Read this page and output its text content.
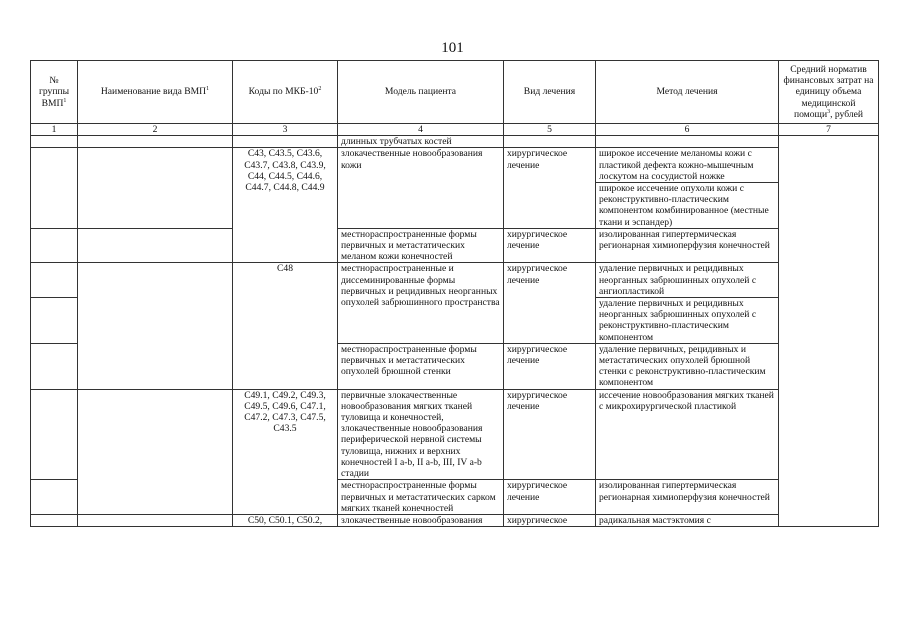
101
№ группы ВМП$^1$	Наименование вида ВМП$^1$	Коды по МКБ-$10^2$	Модель пациента	Вид лечения	Метод лечения	Средний норматив финансовых затрат на единицу объема медицинской помощи$^3$, рублей
1	2	3	4	5	6	7
			длинных трубчатых костей			
		C43, C43.5, C43.6, C43.7, C43.8, C43.9, C44, C44.5, C44.6, C44.7, C44.8, C44.9	злокачественные новообразования кожи	хирургическое лечение	широкое иссечение меланомы кожи с пластикой дефекта кожно-мышечным лоскутом на сосудистой ножке	
					широкое иссечение опухоли кожи с реконструктивно-пластическим компонентом комбинированное (местные ткани и эспандер)	
			местнораспространенные формы первичных и метастатических меланом кожи конечностей	хирургическое лечение	изолированная гипертермическая регионарная химиоперфузия конечностей	
		C48	местнораспространенные и диссеминированные формы первичных и рецидивных неорганных опухолей забрюшинного пространства	хирургическое лечение	удаление первичных и рецидивных неорганных забрюшинных опухолей с ангиопластикой	
					удаление первичных и рецидивных неорганных забрюшинных опухолей с реконструктивно-пластическим компонентом	
			местнораспространенные формы первичных и метастатических опухолей брюшной стенки	хирургическое лечение	удаление первичных, рецидивных и метастатических опухолей брюшной стенки с реконструктивно-пластическим компонентом	
		C49.1, C49.2, C49.3, C49.5, C49.6, C47.1, C47.2, C47.3, C47.5, C43.5	первичные злокачественные новообразования мягких тканей туловища и конечностей, злокачественные новообразования периферической нервной системы туловища, нижних и верхних конечностей I a-b, II a-b, III, IV a-b стадии	хирургическое лечение	иссечение новообразования мягких тканей с микрохирургической пластикой	
			местнораспространенные формы первичных и метастатических сарком мягких тканей конечностей	хирургическое лечение	изолированная гипертермическая регионарная химиоперфузия конечностей	
		C50, C50.1, C50.2,	злокачественные новообразования	хирургическое	радикальная мастэктомия с	
